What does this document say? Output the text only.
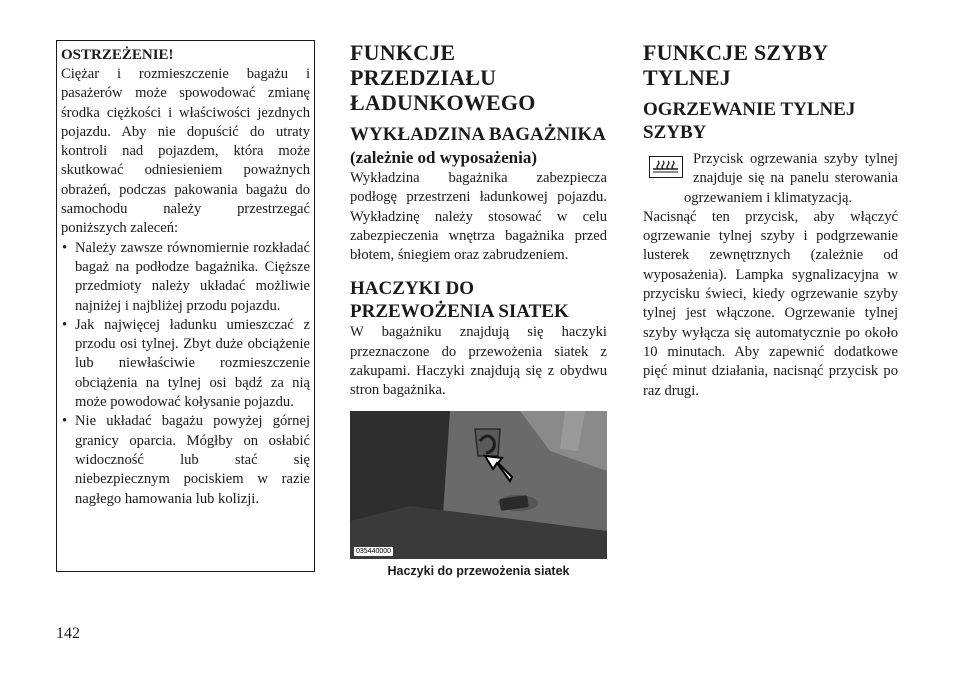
OSTRZEŻENIE!

Ciężar i rozmieszczenie bagażu i pasażerów może spowodować zmianę środka ciężkości i właściwości jezdnych pojazdu. Aby nie dopuścić do utraty kontroli nad pojazdem, która może skutkować odniesieniem poważnych obrażeń, podczas pakowania bagażu do samochodu należy przestrzegać poniższych zaleceń:

• Należy zawsze równomiernie rozkładać bagaż na podłodze bagażnika. Cięższe przedmioty należy układać możliwie najniżej i najbliżej przodu pojazdu.
• Jak najwięcej ładunku umieszczać z przodu osi tylnej. Zbyt duże obciążenie lub niewłaściwie rozmieszczenie obciążenia na tylnej osi bądź za nią może powodować kołysanie pojazdu.
• Nie układać bagażu powyżej górnej granicy oparcia. Mógłby on osłabić widoczność lub stać się niebezpiecznym pociskiem w razie nagłego hamowania lub kolizji.
FUNKCJE PRZEDZIAŁU ŁADUNKOWEGO
WYKŁADZINA BAGAŻNIKA (zależnie od wyposażenia)

Wykładzina bagażnika zabezpiecza podłogę przestrzeni ładunkowej pojazdu. Wykładzinę należy stosować w celu zabezpieczenia wnętrza bagażnika przed błotem, śniegiem oraz zabrudzeniem.

HACZYKI DO PRZEWOŻENIA SIATEK

W bagażniku znajdują się haczyki przeznaczone do przewożenia siatek z zakupami. Haczyki znajdują się z obydwu stron bagażnika.

035440000
Haczyki do przewożenia siatek
FUNKCJE SZYBY TYLNEJ
OGRZEWANIE TYLNEJ SZYBY

Przycisk ogrzewania szyby tylnej znajduje się na panelu sterowania ogrzewaniem i klimatyzacją.

Nacisnąć ten przycisk, aby włączyć ogrzewanie tylnej szyby i podgrzewanie lusterek zewnętrznych (zależnie od wyposażenia). Lampka sygnalizacyjna w przycisku świeci, kiedy ogrzewanie szyby tylnej jest włączone. Ogrzewanie tylnej szyby wyłącza się automatycznie po około 10 minutach. Aby zapewnić dodatkowe pięć minut działania, nacisnąć przycisk po raz drugi.

142
